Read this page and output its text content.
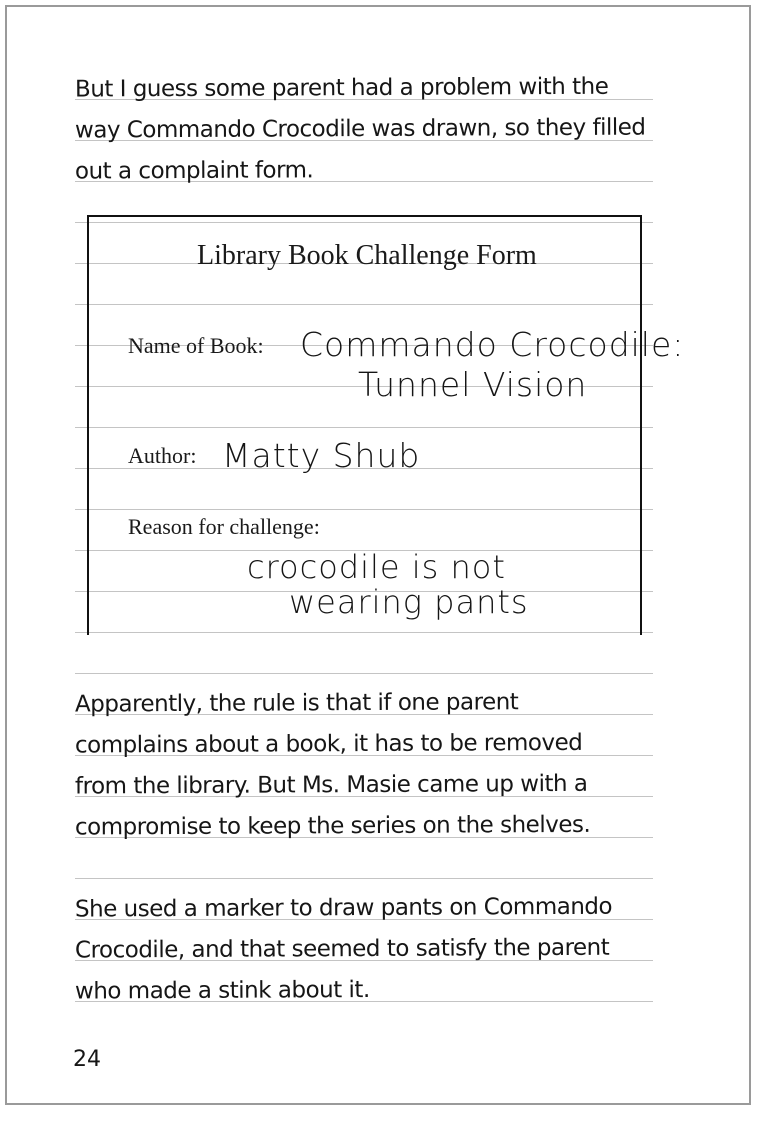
But I guess some parent had a problem with the
way Commando Crocodile was drawn, so they filled
out a complaint form.
Library Book Challenge Form
Name of Book: Commando Crocodile:
Tunnel Vision
Author: Matty Shub
Reason for challenge:
crocodile is not
wearing pants
Apparently, the rule is that if one parent
complains about a book, it has to be removed
from the library. But Ms. Masie came up with a
compromise to keep the series on the shelves.
She used a marker to draw pants on Commando
Crocodile, and that seemed to satisfy the parent
who made a stink about it.
24
